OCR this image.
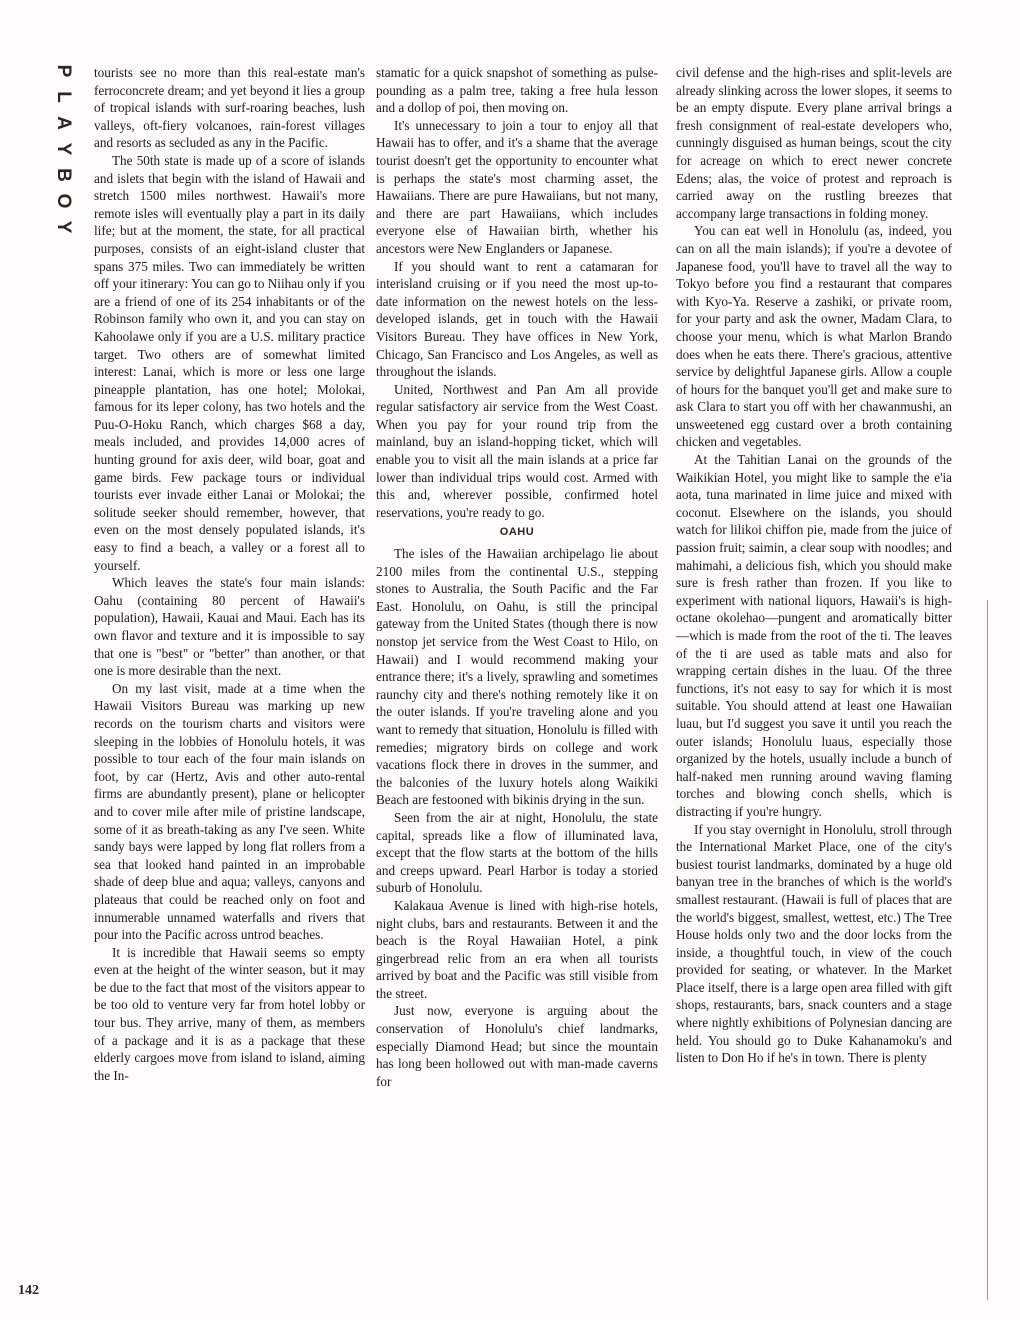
P
L
A
Y
B
O
Y

tourists see no more than this real-estate man's ferroconcrete dream; and yet beyond it lies a group of tropical islands with surf-roaring beaches, lush valleys, oft-fiery volcanoes, rain-forest villages and resorts as secluded as any in the Pacific.

The 50th state is made up of a score of islands and islets that begin with the island of Hawaii and stretch 1500 miles northwest. Hawaii's more remote isles will eventually play a part in its daily life; but at the moment, the state, for all practical purposes, consists of an eight-island cluster that spans 375 miles. Two can immediately be written off your itinerary: You can go to Niihau only if you are a friend of one of its 254 inhabitants or of the Robinson family who own it, and you can stay on Kahoolawe only if you are a U.S. military practice target. Two others are of somewhat limited interest: Lanai, which is more or less one large pineapple plantation, has one hotel; Molokai, famous for its leper colony, has two hotels and the Puu-O-Hoku Ranch, which charges $68 a day, meals included, and provides 14,000 acres of hunting ground for axis deer, wild boar, goat and game birds. Few package tours or individual tourists ever invade either Lanai or Molokai; the solitude seeker should remember, however, that even on the most densely populated islands, it's easy to find a beach, a valley or a forest all to yourself.

Which leaves the state's four main islands: Oahu (containing 80 percent of Hawaii's population), Hawaii, Kauai and Maui. Each has its own flavor and texture and it is impossible to say that one is "best" or "better" than another, or that one is more desirable than the next.

On my last visit, made at a time when the Hawaii Visitors Bureau was marking up new records on the tourism charts and visitors were sleeping in the lobbies of Honolulu hotels, it was possible to tour each of the four main islands on foot, by car (Hertz, Avis and other auto-rental firms are abundantly present), plane or helicopter and to cover mile after mile of pristine landscape, some of it as breath-taking as any I've seen. White sandy bays were lapped by long flat rollers from a sea that looked hand painted in an improbable shade of deep blue and aqua; valleys, canyons and plateaus that could be reached only on foot and innumerable unnamed waterfalls and rivers that pour into the Pacific across untrod beaches.

It is incredible that Hawaii seems so empty even at the height of the winter season, but it may be due to the fact that most of the visitors appear to be too old to venture very far from hotel lobby or tour bus. They arrive, many of them, as members of a package and it is as a package that these elderly cargoes move from island to island, aiming the In-

stamatic for a quick snapshot of something as pulse-pounding as a palm tree, taking a free hula lesson and a dollop of poi, then moving on.

It's unnecessary to join a tour to enjoy all that Hawaii has to offer, and it's a shame that the average tourist doesn't get the opportunity to encounter what is perhaps the state's most charming asset, the Hawaiians. There are pure Hawaiians, but not many, and there are part Hawaiians, which includes everyone else of Hawaiian birth, whether his ancestors were New Englanders or Japanese.

If you should want to rent a catamaran for interisland cruising or if you need the most up-to-date information on the newest hotels on the less-developed islands, get in touch with the Hawaii Visitors Bureau. They have offices in New York, Chicago, San Francisco and Los Angeles, as well as throughout the islands.

United, Northwest and Pan Am all provide regular satisfactory air service from the West Coast. When you pay for your round trip from the mainland, buy an island-hopping ticket, which will enable you to visit all the main islands at a price far lower than individual trips would cost. Armed with this and, wherever possible, confirmed hotel reservations, you're ready to go.

OAHU

The isles of the Hawaiian archipelago lie about 2100 miles from the continental U.S., stepping stones to Australia, the South Pacific and the Far East. Honolulu, on Oahu, is still the principal gateway from the United States (though there is now nonstop jet service from the West Coast to Hilo, on Hawaii) and I would recommend making your entrance there; it's a lively, sprawling and sometimes raunchy city and there's nothing remotely like it on the outer islands. If you're traveling alone and you want to remedy that situation, Honolulu is filled with remedies; migratory birds on college and work vacations flock there in droves in the summer, and the balconies of the luxury hotels along Waikiki Beach are festooned with bikinis drying in the sun.

Seen from the air at night, Honolulu, the state capital, spreads like a flow of illuminated lava, except that the flow starts at the bottom of the hills and creeps upward. Pearl Harbor is today a storied suburb of Honolulu.

Kalakaua Avenue is lined with high-rise hotels, night clubs, bars and restaurants. Between it and the beach is the Royal Hawaiian Hotel, a pink gingerbread relic from an era when all tourists arrived by boat and the Pacific was still visible from the street.

Just now, everyone is arguing about the conservation of Honolulu's chief landmarks, especially Diamond Head; but since the mountain has long been hollowed out with man-made caverns for

civil defense and the high-rises and split-levels are already slinking across the lower slopes, it seems to be an empty dispute. Every plane arrival brings a fresh consignment of real-estate developers who, cunningly disguised as human beings, scout the city for acreage on which to erect newer concrete Edens; alas, the voice of protest and reproach is carried away on the rustling breezes that accompany large transactions in folding money.

You can eat well in Honolulu (as, indeed, you can on all the main islands); if you're a devotee of Japanese food, you'll have to travel all the way to Tokyo before you find a restaurant that compares with Kyo-Ya. Reserve a zashiki, or private room, for your party and ask the owner, Madam Clara, to choose your menu, which is what Marlon Brando does when he eats there. There's gracious, attentive service by delightful Japanese girls. Allow a couple of hours for the banquet you'll get and make sure to ask Clara to start you off with her chawanmushi, an unsweetened egg custard over a broth containing chicken and vegetables.

At the Tahitian Lanai on the grounds of the Waikikian Hotel, you might like to sample the e'ia aota, tuna marinated in lime juice and mixed with coconut. Elsewhere on the islands, you should watch for lilikoi chiffon pie, made from the juice of passion fruit; saimin, a clear soup with noodles; and mahimahi, a delicious fish, which you should make sure is fresh rather than frozen. If you like to experiment with national liquors, Hawaii's is high-octane okolehao—pungent and aromatically bitter—which is made from the root of the ti. The leaves of the ti are used as table mats and also for wrapping certain dishes in the luau. Of the three functions, it's not easy to say for which it is most suitable. You should attend at least one Hawaiian luau, but I'd suggest you save it until you reach the outer islands; Honolulu luaus, especially those organized by the hotels, usually include a bunch of half-naked men running around waving flaming torches and blowing conch shells, which is distracting if you're hungry.

If you stay overnight in Honolulu, stroll through the International Market Place, one of the city's busiest tourist landmarks, dominated by a huge old banyan tree in the branches of which is the world's smallest restaurant. (Hawaii is full of places that are the world's biggest, smallest, wettest, etc.) The Tree House holds only two and the door locks from the inside, a thoughtful touch, in view of the couch provided for seating, or whatever. In the Market Place itself, there is a large open area filled with gift shops, restaurants, bars, snack counters and a stage where nightly exhibitions of Polynesian dancing are held. You should go to Duke Kahanamoku's and listen to Don Ho if he's in town. There is plenty

142
